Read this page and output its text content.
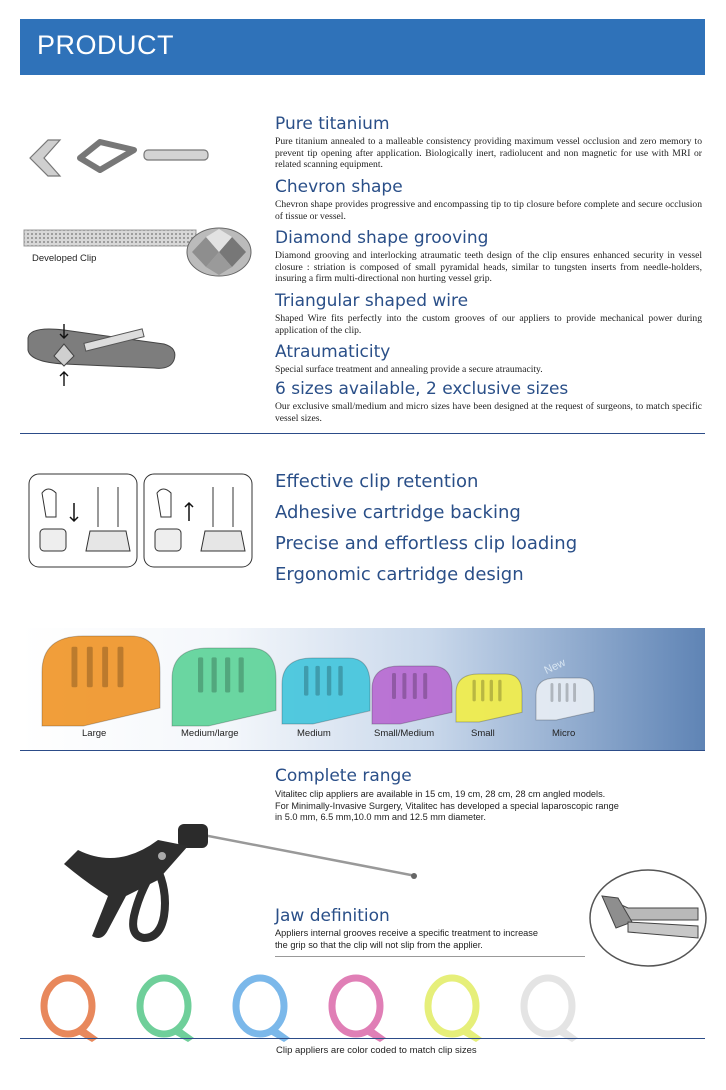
PRODUCT
Developed Clip
Pure titanium
Pure titanium annealed to a malleable consistency providing maximum vessel occlusion and zero memory to prevent tip opening after application. Biologically inert, radiolucent and non magnetic for use with MRI or related scanning equipment.
Chevron shape
Chevron shape provides progressive and encompassing tip to tip closure before complete and secure occlusion of tissue or vessel.
Diamond shape grooving
Diamond grooving and interlocking atraumatic teeth design of the clip ensures enhanced security in vessel closure : striation is composed of small pyramidal heads, similar to tungsten inserts from needle-holders, insuring a firm multi-directional non hurting vessel grip.
Triangular shaped wire
Shaped Wire fits perfectly into the custom grooves of our appliers to provide mechanical power during application of the clip.
Atraumaticity
Special surface treatment and annealing provide a secure atraumacity.
6 sizes available, 2 exclusive sizes
Our exclusive small/medium and micro sizes have been designed at the request of surgeons, to match specific vessel sizes.
Effective clip retention
Adhesive cartridge backing
Precise and effortless clip loading
Ergonomic cartridge design
New
Large	Medium/large	Medium	Small/Medium	Small	Micro
Complete range
Vitalitec clip appliers are available in 15 cm, 19 cm, 28 cm, 28 cm angled models.
For Minimally-Invasive Surgery, Vitalitec has developed a special laparoscopic range
in 5.0 mm, 6.5 mm,10.0 mm and 12.5 mm diameter.
Jaw definition
Appliers internal grooves receive a specific treatment to increase
the grip so that the clip will not slip from the applier.
Clip appliers are color coded to match clip sizes
